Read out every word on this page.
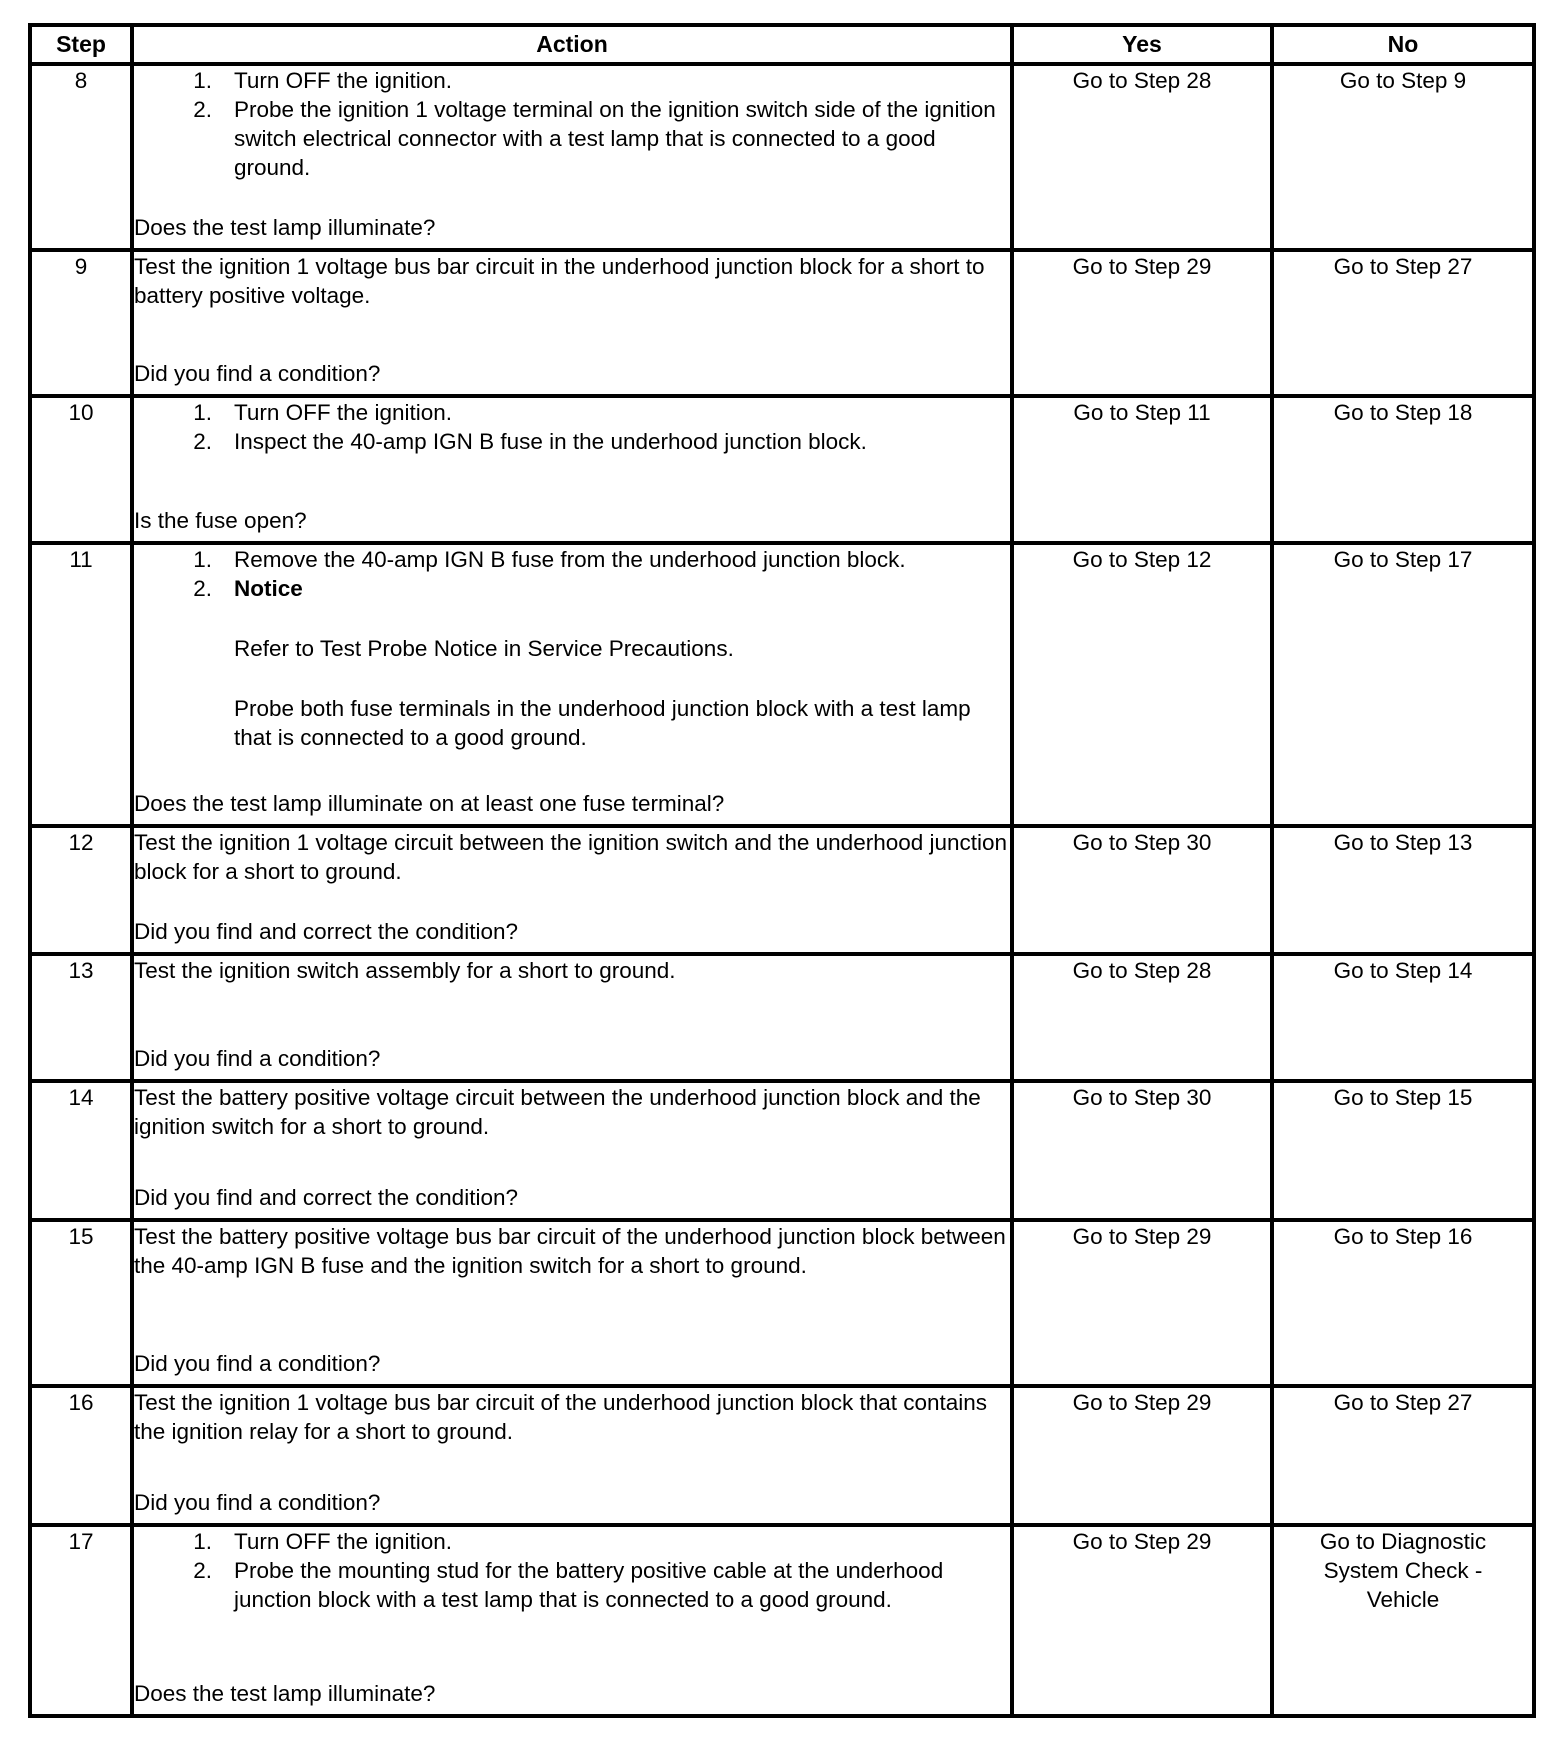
Step	Action	Yes	No
8	1. Turn OFF the ignition.
2. Probe the ignition 1 voltage terminal on the ignition switch side of the ignition switch electrical connector with a test lamp that is connected to a good ground.
Does the test lamp illuminate?
	Go to Step 28	Go to Step 9
9	Test the ignition 1 voltage bus bar circuit in the underhood junction block for a short to battery positive voltage.
Did you find a condition?	Go to Step 29	Go to Step 27
10	1. Turn OFF the ignition.
2. Inspect the 40-amp IGN B fuse in the underhood junction block.
Is the fuse open?
	Go to Step 11	Go to Step 18
11	1. Remove the 40-amp IGN B fuse from the underhood junction block.
2. Notice
Refer to Test Probe Notice in Service Precautions.
Probe both fuse terminals in the underhood junction block with a test lamp that is connected to a good ground.
Does the test lamp illuminate on at least one fuse terminal?
	Go to Step 12	Go to Step 17
12	Test the ignition 1 voltage circuit between the ignition switch and the underhood junction block for a short to ground.
Did you find and correct the condition?	Go to Step 30	Go to Step 13
13	Test the ignition switch assembly for a short to ground.
Did you find a condition?	Go to Step 28	Go to Step 14
14	Test the battery positive voltage circuit between the underhood junction block and the ignition switch for a short to ground.
Did you find and correct the condition?	Go to Step 30	Go to Step 15
15	Test the battery positive voltage bus bar circuit of the underhood junction block between the 40-amp IGN B fuse and the ignition switch for a short to ground.
Did you find a condition?	Go to Step 29	Go to Step 16
16	Test the ignition 1 voltage bus bar circuit of the underhood junction block that contains the ignition relay for a short to ground.
Did you find a condition?	Go to Step 29	Go to Step 27
17	1. Turn OFF the ignition.
2. Probe the mounting stud for the battery positive cable at the underhood junction block with a test lamp that is connected to a good ground.
Does the test lamp illuminate?
	Go to Step 29	Go to Diagnostic System Check - Vehicle
